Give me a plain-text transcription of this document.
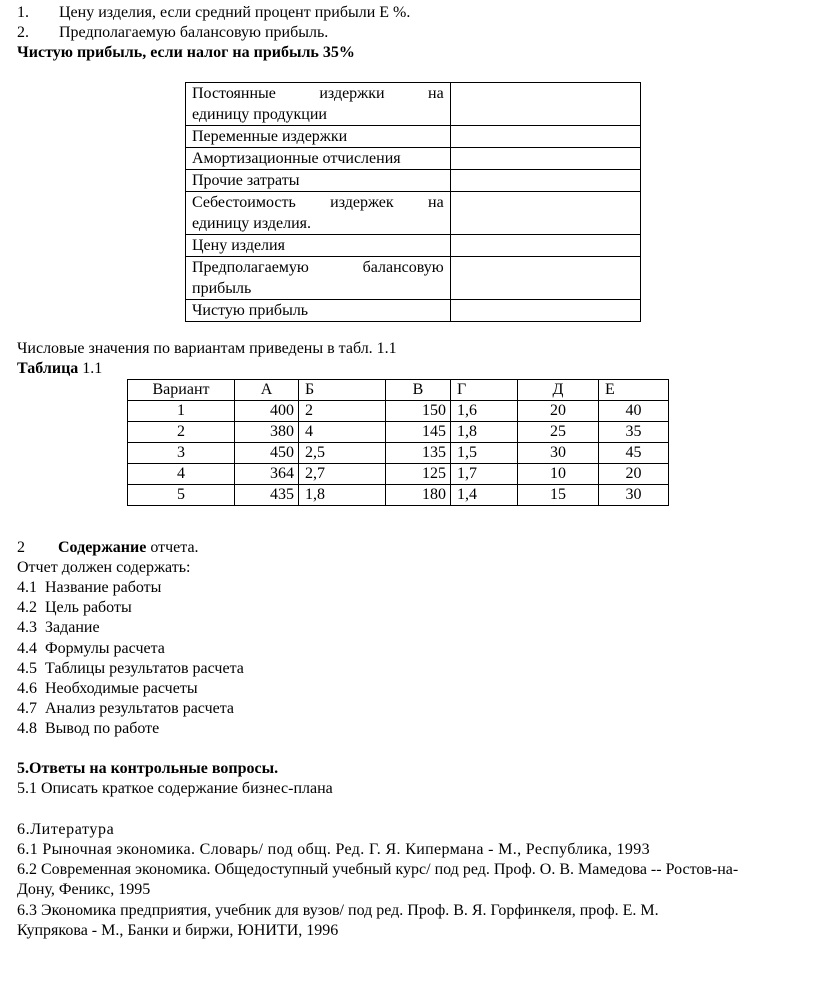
1. Цену изделия, если средний процент прибыли Е %.
2. Предполагаемую балансовую прибыль.
Чистую прибыль, если налог на прибыль 35%
Постоянные издержки на
единицу продукции	

Переменные издержки	
Амортизационные отчисления	
Прочие затраты	

Себестоимость издержек на
единицу изделия.	

Цену изделия	

Предполагаемую балансовую
прибыль	

Чистую прибыль	
Числовые значения по вариантам приведены в табл. 1.1
Таблица 1.1
Вариант	А	Б	В	Г	Д	Е
1	400	2	150	1,6	20	40
2	380	4	145	1,8	25	35
3	450	2,5	135	1,5	30	45
4	364	2,7	125	1,7	10	20
5	435	1,8	180	1,4	15	30
2 Содержание отчета.
Отчет должен содержать:
4.1  Название работы
4.2  Цель работы
4.3  Задание
4.4  Формулы расчета
4.5  Таблицы результатов расчета
4.6  Необходимые расчеты
4.7  Анализ результатов расчета
4.8  Вывод по работе
5.Ответы на контрольные вопросы.
5.1 Описать краткое содержание бизнес-плана
6.Литература
6.1 Рыночная экономика. Словарь/ под общ. Ред. Г. Я. Кипермана - М., Республика, 1993
6.2 Современная экономика. Общедоступный учебный курс/ под ред. Проф. О. В. Мамедова -- Ростов-на-
Дону, Феникс, 1995
6.3 Экономика предприятия, учебник для вузов/ под ред. Проф. В. Я. Горфинкеля, проф. Е. М.
Купрякова - М., Банки и биржи, ЮНИТИ, 1996
